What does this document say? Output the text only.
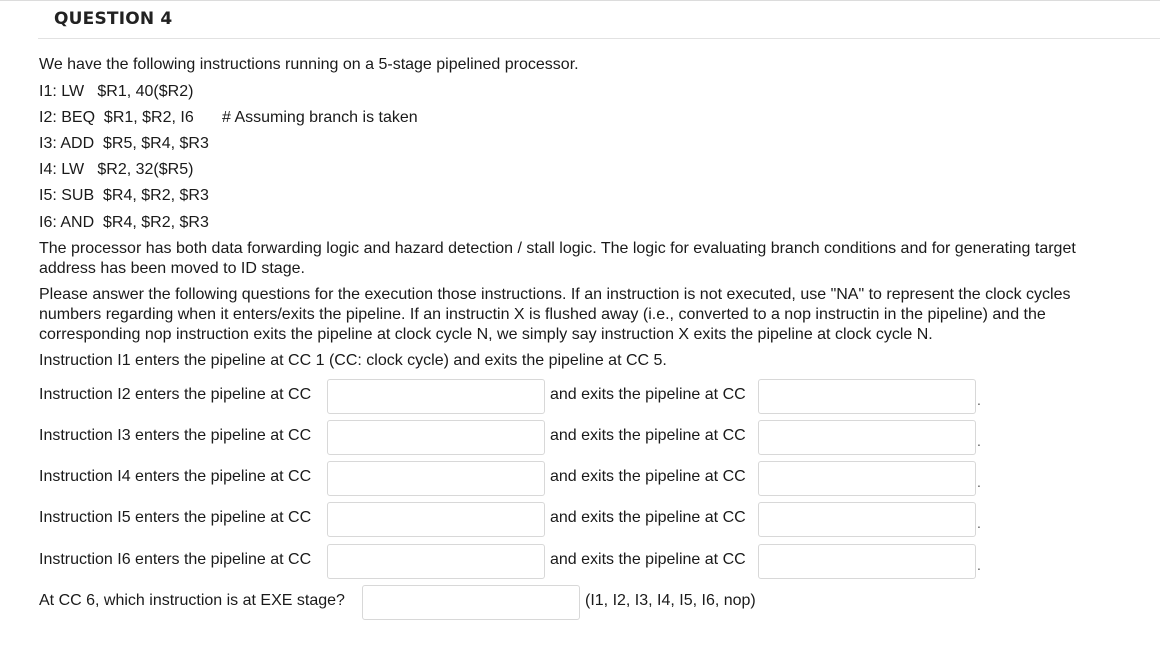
QUESTION 4
We have the following instructions running on a 5-stage pipelined processor.
I1: LW   $R1, 40($R2)
I2: BEQ  $R1, $R2, I6 # Assuming branch is taken
I3: ADD  $R5, $R4, $R3
I4: LW   $R2, 32($R5)
I5: SUB  $R4, $R2, $R3
I6: AND  $R4, $R2, $R3
The processor has both data forwarding logic and hazard detection / stall logic. The logic for evaluating branch conditions and for generating target address has been moved to ID stage.
Please answer the following questions for the execution those instructions. If an instruction is not executed, use "NA" to represent the clock cycles numbers regarding when it enters/exits the pipeline. If an instructin X is flushed away (i.e., converted to a nop instructin in the pipeline) and the corresponding nop instruction exits the pipeline at clock cycle N, we simply say instruction X exits the pipeline at clock cycle N.
Instruction I1 enters the pipeline at CC 1 (CC: clock cycle) and exits the pipeline at CC 5.
Instruction I2 enters the pipeline at CC	and exits the pipeline at CC	.
Instruction I3 enters the pipeline at CC	and exits the pipeline at CC	.
Instruction I4 enters the pipeline at CC	and exits the pipeline at CC	.
Instruction I5 enters the pipeline at CC	and exits the pipeline at CC	.
Instruction I6 enters the pipeline at CC	and exits the pipeline at CC	.
At CC 6, which instruction is at EXE stage?	(I1, I2, I3, I4, I5, I6, nop)
